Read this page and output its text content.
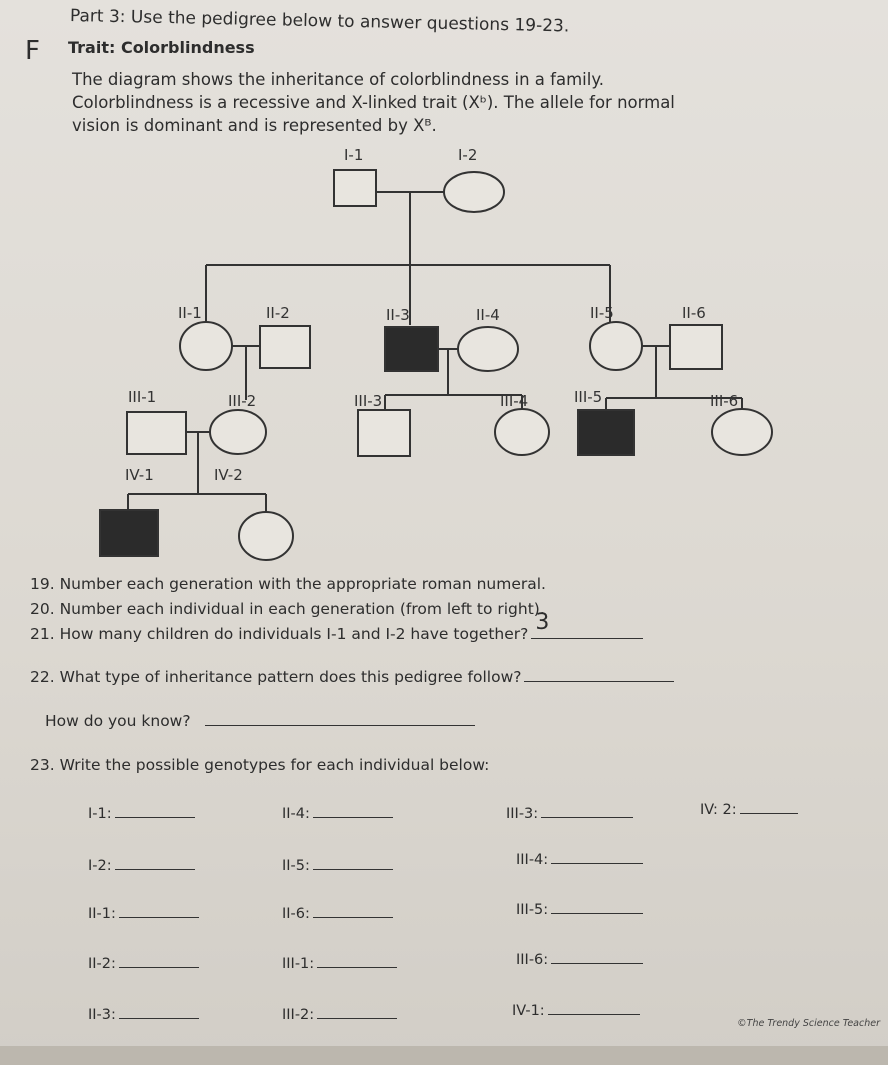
Part 3: Use the pedigree below to answer questions 19-23.
F Trait: Colorblindness
The diagram shows the inheritance of colorblindness in a family.
Colorblindness is a recessive and X-linked trait (Xᵇ). The allele for normal
vision is dominant and is represented by Xᴮ.
I-1	I-2
II-1	II-2	II-3	II-4	II-5	II-6
III-1	III-2	III-3	III-4	III-5	III-6
IV-1	IV-2
19. Number each generation with the appropriate roman numeral.
20. Number each individual in each generation (from left to right).
21. How many children do individuals I-1 and I-2 have together? 3
22. What type of inheritance pattern does this pedigree follow?
How do you know?
23. Write the possible genotypes for each individual below:
I-1:
I-2:
II-1:
II-2:
II-3:
II-4:
II-5:
II-6:
III-1:
III-2:
III-3:
III-4:
III-5:
III-6:
IV-1:
IV: 2:
©The Trendy Science Teacher
